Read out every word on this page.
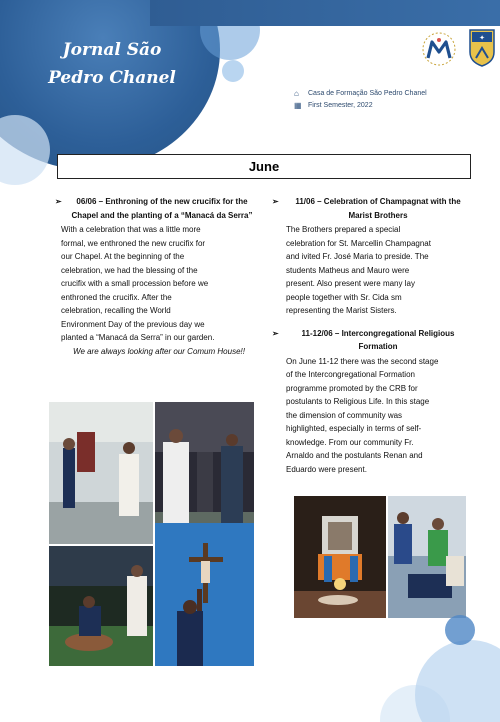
Jornal São
Pedro Chanel
✦
⌂	Casa de Formação São Pedro Chanel
▦ First Semester, 2022
June
➢	06/06 – Enthroning of the new crucifix for the Chapel and the planting of a “Manacá da Serra”
With a celebration that was a little more
formal, we enthroned the new crucifix for
our Chapel. At the beginning of the
celebration, we had the blessing of the
crucifix with a small procession before we
enthroned the crucifix. After the
celebration, recalling the World
Environment Day of the previous day we
planted a “Manacá da Serra” in our garden.
We are always looking after our Comum House!!
➢	11/06 – Celebration of Champagnat with the Marist Brothers
The Brothers prepared a special
celebration for St. Marcellin Champagnat
and ivited Fr. José Maria to preside. The
students Matheus and Mauro were
present. Also present were many lay
people together with Sr. Cida sm
representing the Marist Sisters.
➢	11-12/06 – Intercongregational Religious Formation
On June 11-12 there was the second stage
of the Intercongregational Formation
programme promoted by the CRB for
postulants to Religious Life. In this stage
the dimension of community was
highlighted, especially in terms of self-
knowledge. From our community Fr.
Arnaldo and the postulants Renan and
Eduardo were present.
